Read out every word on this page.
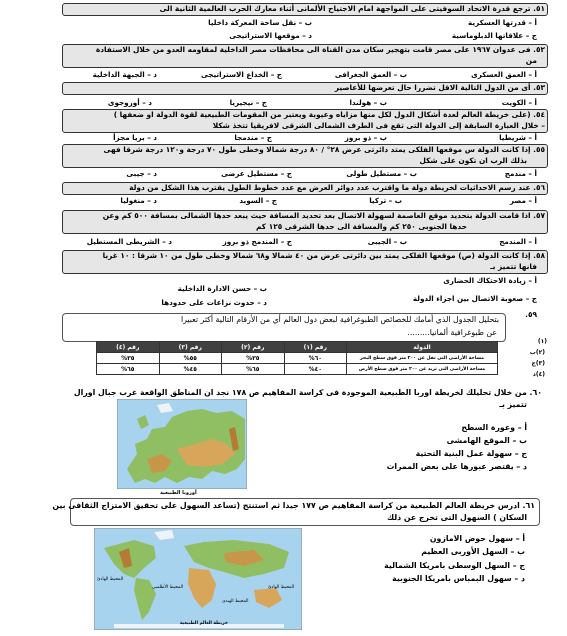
٥١. ترجع قدرة الاتحاد السوفيتى على المواجهة امام الاجتياح الألمانى أثناء معارك الحرب العالمية الثانية الى
أ – قدرتها العسكرية
ب – نقل ساحة المعركة داخليا
ج – علاقاتها الدبلوماسية
د – موقعها الاستراتيجى
٥٢. فى عدوان ١٩٦٧ على مصر قامت بتهجير سكان مدن القناة الى محافظات مصر الداخلية لمقاومه العدو من خلال الاستفادة
من
أ – العمق العسكرى
ب – العمق الجغرافى
ج – الخداع الاستراتيجى
د – الجبهة الداخلية
٥٣. أى من الدول التالية الاقل تضررا حال تعرضها للأعاصير
أ – الكويت
ب – هولندا
ج – نيجيريا
د – أوروجوى
٥٤. (على خريطة العالم لعدة أشكال الدول لكل منها مزاياه وعيوبة ويعتبر من المقومات الطبيعية لقوة الدولة او ضعفها )
– خلال العبارة السابقة إلى الدولة التى تقع فى الطرف الشمالى الشرقى لافريقيا تتخذ شكلا
أ – شريطيا
ب – ذو بروز
ج – مندمجا
د – بريا مجزأ
٥٥. إذا كانت الدولة س موقعها الفلكى يمتد دائرتى عرض ٢٨° / ٨٠ درجة شمالا وخطى طول ٧٠ درجة و١٢٠ درجة شرقا فهى
بذلك الرب ان تكون على شكل
أ – مندمج
ب – مستطيل طولى
ج – مستطيل عرضى
د – جيبى
٥٦. عند رسم الاحداثيات لخريطة دولة ما واقترب عدد دوائر العرض مع عدد خطوط الطول يقترب هذا الشكل من دولة
أ – مصر
ب – تركيا
ج – السويد
د – منغوليا
٥٧. اذا قامت الدولة بتحديد موقع العاصمة لسهولة الاتصال بعد تحديد المسافة حيث يبعد حدها الشمالى بمسافة ٥٠٠ كم وعن
حدها الجنوبى ٢٥٠ كم والمسافة الى حدها الشرقى ١٢٥ كم
أ – المندمج
ب – الجيبى
ج – المندمج ذو بروز
د – الشريطى المستطيل
٥٨. إذا كانت الدولة (ص) موقعها الفلكى يمتد بين دائرتى عرض من ٤٠ شمالا و٦٨ شمالا وخطى طول من ١٠ شرقا : ١٠ غربا
فانها تتميز بـ
أ – زيادة الاحتكاك الحضارى
ب – حسن الادارة الداخلية
ج – صعوبة الاتصال بين اجزاء الدولة
د – حدوث نزاعات على حدودها
٥٩.
بتحليل الجدول الذي أمامك للخصائص الطبوغرافية لبعض دول العالم أي من الأرقام التالية أكثر تعبيرا
عن طبوغرافية ألمانيا.........
(١)
(٢)ب
(٣)ج
(٤)د
الدولة	رقم (١)	رقم (٢)	رقم (٣)	رقم (٤)
مساحة الأراضى التى تقل عن ٢٠٠ متر فوق سطح البحر	٦٠%	٣٥%	٥٥%	٣٥%
مساحة الأراضى التى تزيد عن ٢٠٠ متر فوق سطح الأرض	٤٠%	٦٥%	٤٥%	٦٥%
٦٠. من خلال تحليلك لخريطة اوربا الطبيعية الموجودة فى كراسة المفاهيم ص ١٧٨ نجد ان المناطق الواقعة غرب جبال اورال
تتميز بـ
أ – وعورة السطح
ب – الموقع الهامشى
ج – سهولة عمل البنية التحتية
د – يقتصر عبورها على بعض الممرات
أوروبا الطبيعية
٦١. ادرس خريطة العالم الطبيعية من كراسة المفاهيم ص ١٧٧ جيدا ثم استنتج (تساعد السهول على تحقيق الامتزاج الثقافى بين
السكان ) السهول التى تخرج عن ذلك
أ – سهول حوض الامازون
ب – السهل الأوربى العظيم
ج – السهل الوسطى بامريكا الشمالية
د – سهول البمباس بامريكا الجنوبية
المحيط الهادئ
المحيط الأطلسى
المحيط الهندى
المحيط الهادئ
خريطة العالم الطبيعية
